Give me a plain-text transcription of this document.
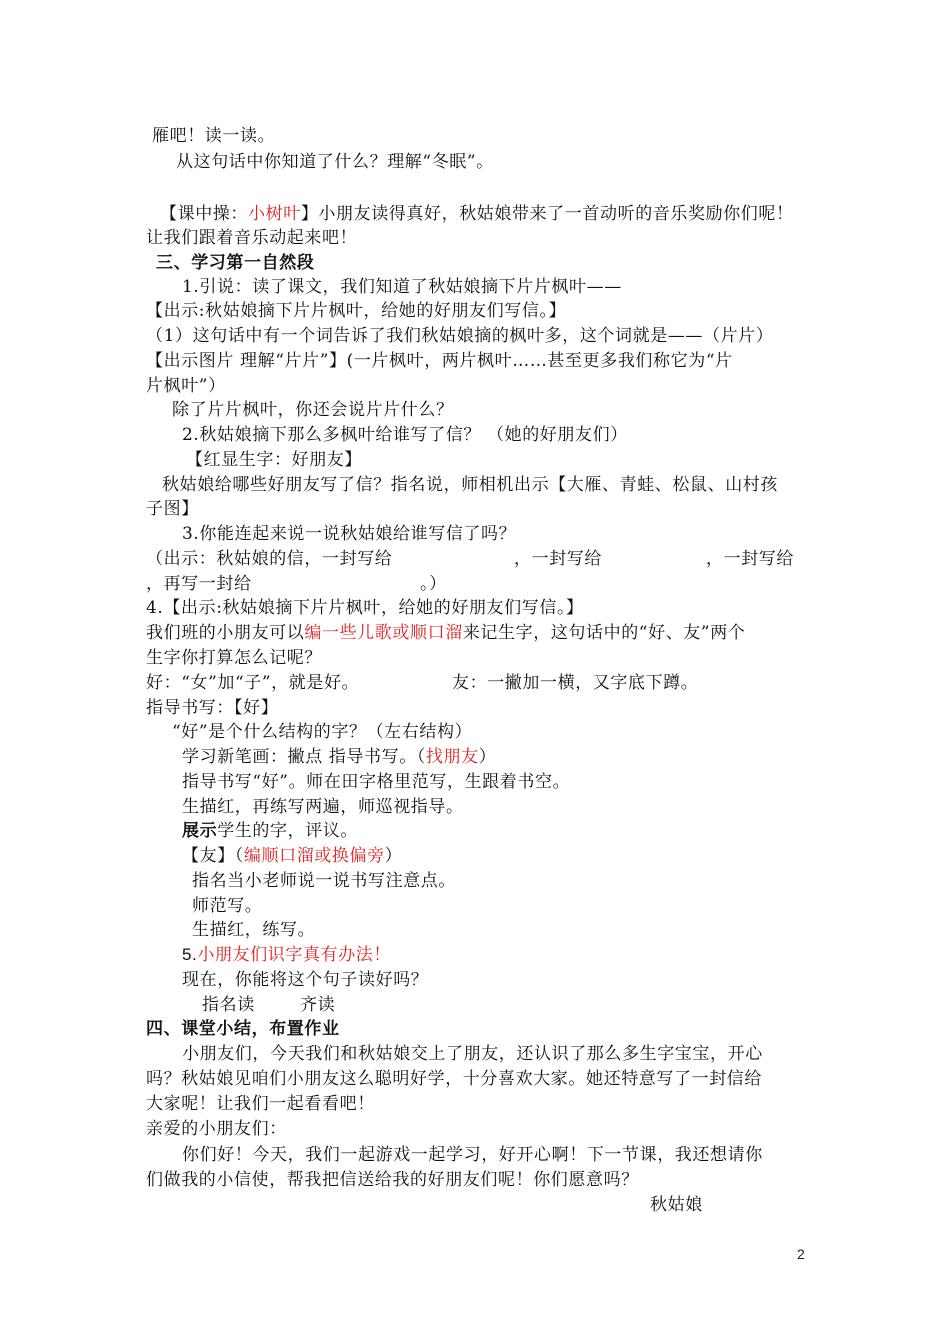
雁吧！读一读。

从这句话中你知道了什么？理解“冬眠”。

【课中操：小树叶】小朋友读得真好，秋姑娘带来了一首动听的音乐奖励你们呢！

让我们跟着音乐动起来吧！

三、学习第一自然段

1.引说：读了课文，我们知道了秋姑娘摘下片片枫叶——

【出示:秋姑娘摘下片片枫叶，给她的好朋友们写信。】

（1）这句话中有一个词告诉了我们秋姑娘摘的枫叶多，这个词就是——（片片）

【出示图片 理解“片片”】(一片枫叶，两片枫叶……甚至更多我们称它为“片

片枫叶”）

除了片片枫叶，你还会说片片什么？

2.秋姑娘摘下那么多枫叶给谁写了信？ （她的好朋友们）

【红显生字：好朋友】

秋姑娘给哪些好朋友写了信？指名说，师相机出示【大雁、青蛙、松鼠、山村孩

子图】

3.你能连起来说一说秋姑娘给谁写信了吗？

（出示：秋姑娘的信，一封写给	，一封写给	，一封写给

，再写一封给	。）

4.【出示:秋姑娘摘下片片枫叶，给她的好朋友们写信。】

我们班的小朋友可以编一些儿歌或顺口溜来记生字，这句话中的“好、友”两个

生字你打算怎么记呢？

好：“女”加“子”，就是好。	友：一撇加一横，又字底下蹲。

指导书写：【好】

“好”是个什么结构的字？（左右结构）

学习新笔画：撇点 指导书写。（找朋友）

指导书写“好”。师在田字格里范写，生跟着书空。

生描红，再练写两遍，师巡视指导。

展示学生的字，评议。

【友】（编顺口溜或换偏旁）

指名当小老师说一说书写注意点。

师范写。

生描红，练写。

5.小朋友们识字真有办法！

现在，你能将这个句子读好吗？

指名读	齐读

四、课堂小结，布置作业

小朋友们，今天我们和秋姑娘交上了朋友，还认识了那么多生字宝宝，开心

吗？秋姑娘见咱们小朋友这么聪明好学，十分喜欢大家。她还特意写了一封信给

大家呢！让我们一起看看吧！

亲爱的小朋友们：

你们好！今天，我们一起游戏一起学习，好开心啊！下一节课，我还想请你

们做我的小信使，帮我把信送给我的好朋友们呢！你们愿意吗？

秋姑娘

2
